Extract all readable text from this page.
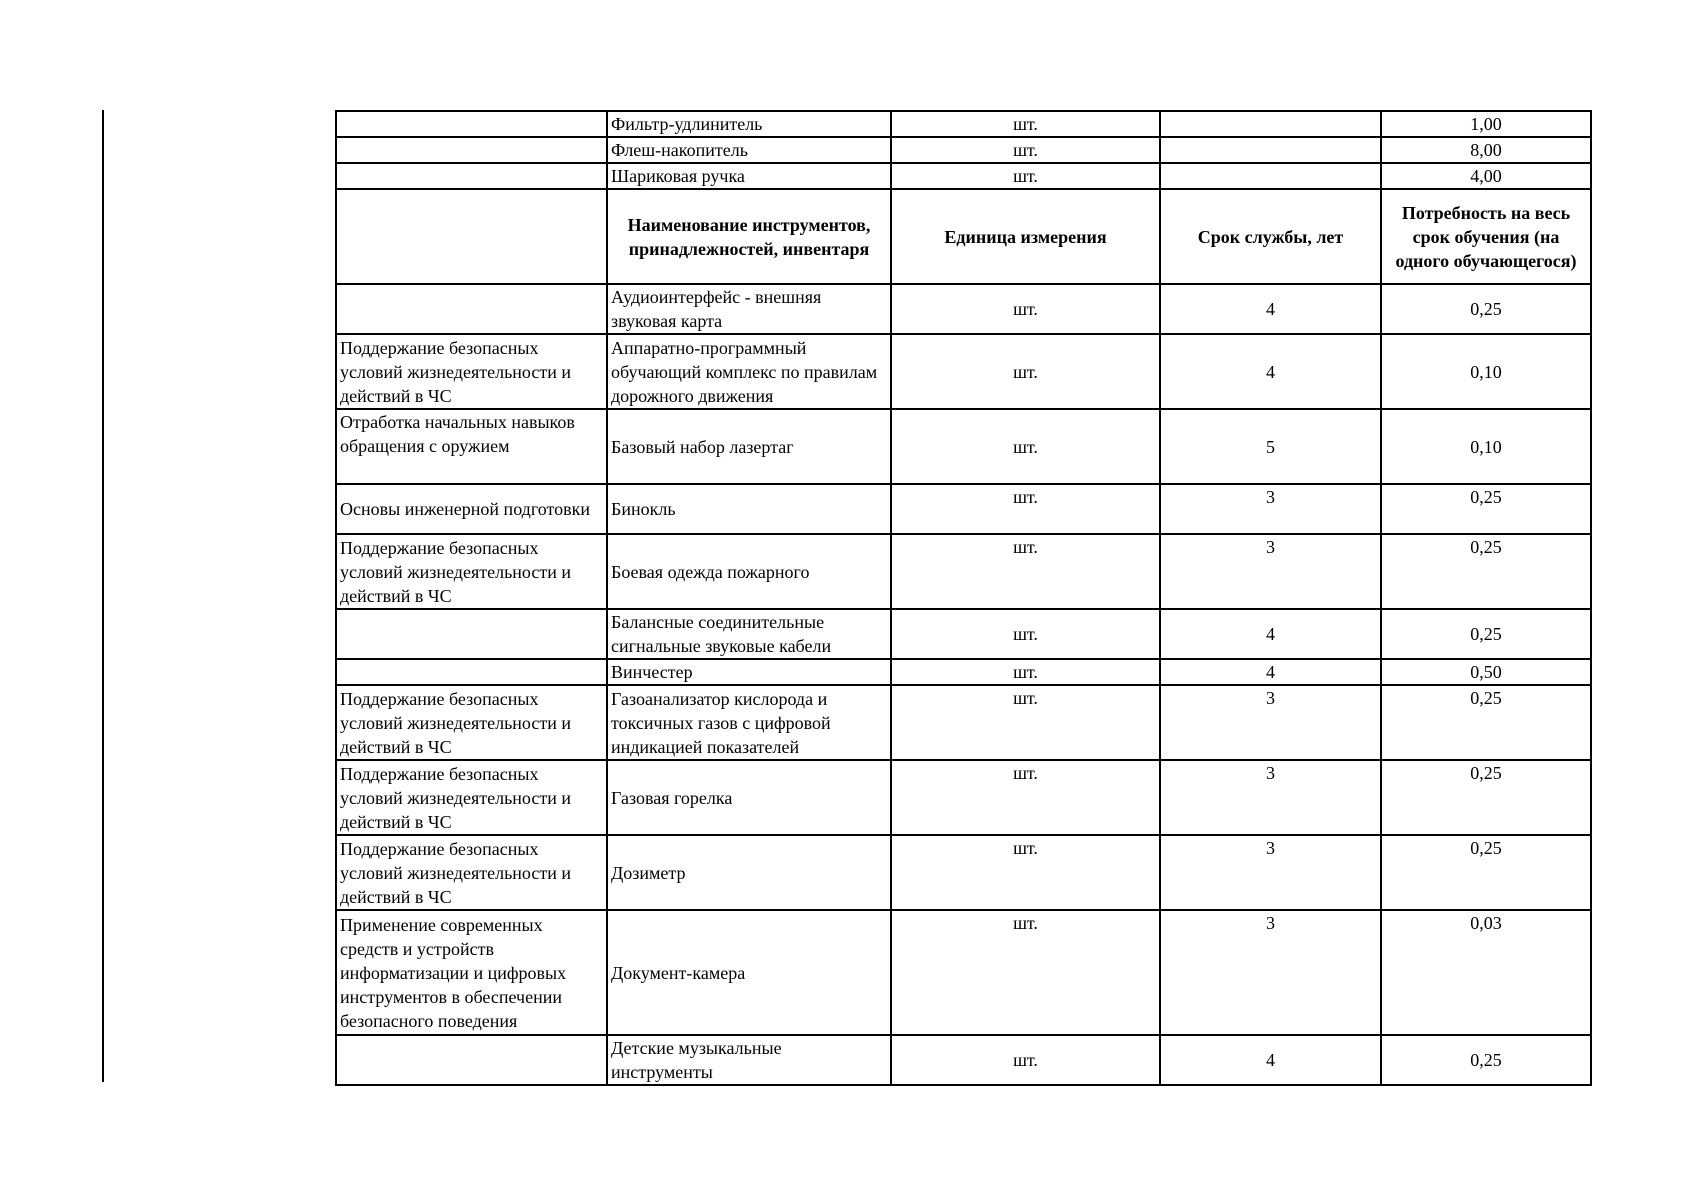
	Фильтр-удлинитель	шт.		1,00
	Флеш-накопитель	шт.		8,00
	Шариковая ручка	шт.		4,00
	Наименование инструментов, принадлежностей, инвентаря	Единица измерения	Срок службы, лет	Потребность на весь срок обучения (на одного обучающегося)
	Аудиоинтерфейс - внешняя звуковая карта	шт.	4	0,25
Поддержание безопасных условий жизнедеятельности и действий в ЧС	Аппаратно-программный обучающий комплекс по правилам дорожного движения	шт.	4	0,10
Отработка начальных навыков обращения с оружием	Базовый набор лазертаг	шт.	5	0,10
Основы инженерной подготовки	Бинокль	шт.	3	0,25
Поддержание безопасных условий жизнедеятельности и действий в ЧС	Боевая одежда пожарного	шт.	3	0,25
	Балансные соединительные сигнальные звуковые кабели	шт.	4	0,25
	Винчестер	шт.	4	0,50
Поддержание безопасных условий жизнедеятельности и действий в ЧС	Газоанализатор кислорода и токсичных газов с цифровой индикацией показателей	шт.	3	0,25
Поддержание безопасных условий жизнедеятельности и действий в ЧС	Газовая горелка	шт.	3	0,25
Поддержание безопасных условий жизнедеятельности и действий в ЧС	Дозиметр	шт.	3	0,25
Применение современных средств и устройств информатизации и цифровых инструментов в обеспечении безопасного поведения	Документ-камера	шт.	3	0,03
	Детские музыкальные инструменты	шт.	4	0,25
